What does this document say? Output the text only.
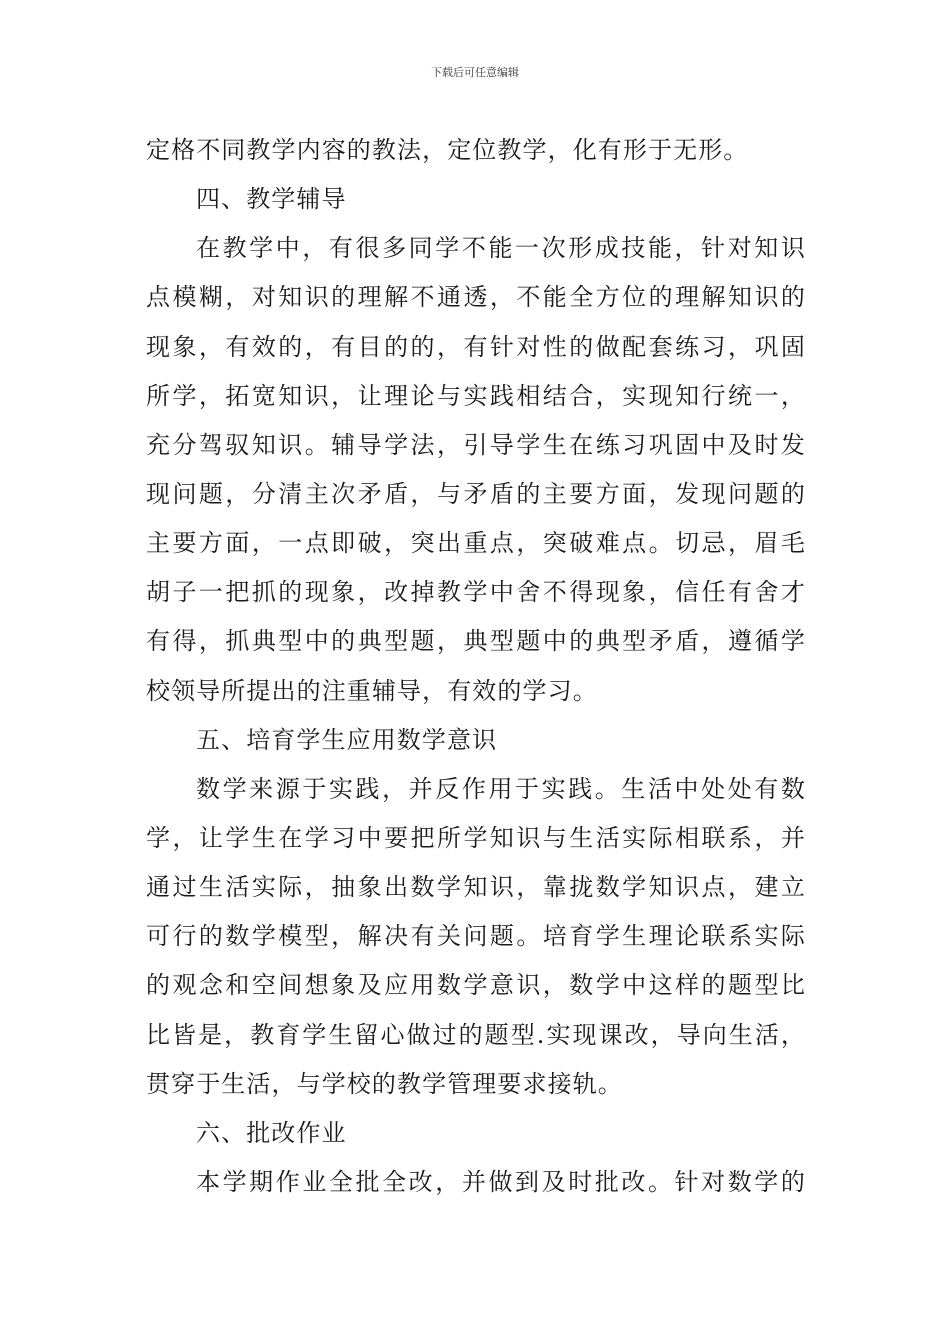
下载后可任意编辑
定格不同教学内容的教法，定位教学，化有形于无形。
四、教学辅导
在教学中，有很多同学不能一次形成技能，针对知识
点模糊，对知识的理解不通透，不能全方位的理解知识的
现象，有效的，有目的的，有针对性的做配套练习，巩固
所学，拓宽知识，让理论与实践相结合，实现知行统一，
充分驾驭知识。辅导学法，引导学生在练习巩固中及时发
现问题，分清主次矛盾，与矛盾的主要方面，发现问题的
主要方面，一点即破，突出重点，突破难点。切忌，眉毛
胡子一把抓的现象，改掉教学中舍不得现象，信任有舍才
有得，抓典型中的典型题，典型题中的典型矛盾，遵循学
校领导所提出的注重辅导，有效的学习。
五、培育学生应用数学意识
数学来源于实践，并反作用于实践。生活中处处有数
学，让学生在学习中要把所学知识与生活实际相联系，并
通过生活实际，抽象出数学知识，靠拢数学知识点，建立
可行的数学模型，解决有关问题。培育学生理论联系实际
的观念和空间想象及应用数学意识，数学中这样的题型比
比皆是，教育学生留心做过的题型.实现课改，导向生活，
贯穿于生活，与学校的教学管理要求接轨。
六、批改作业
本学期作业全批全改，并做到及时批改。针对数学的
